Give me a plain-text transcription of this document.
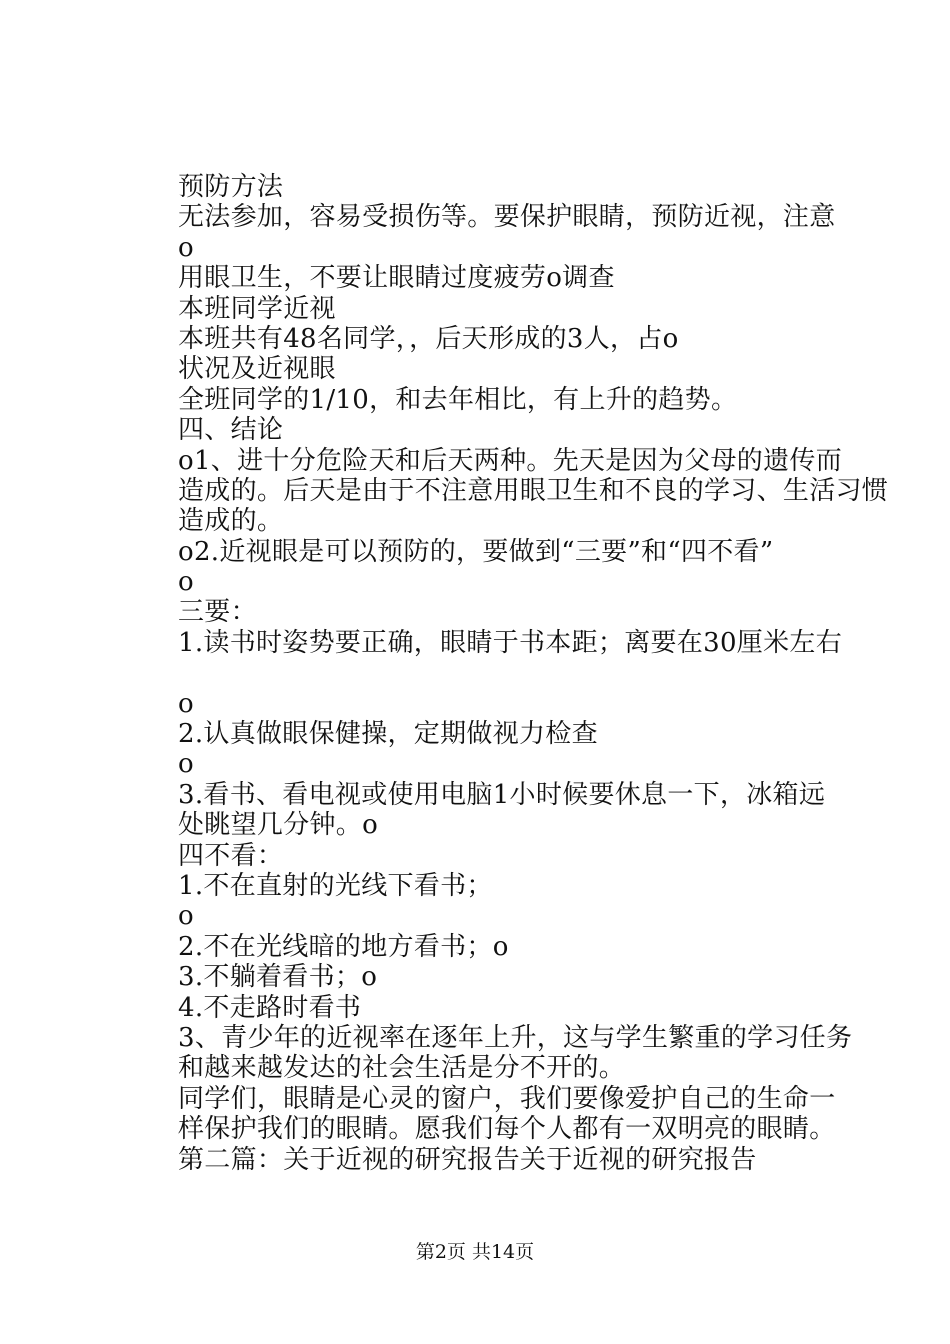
预防方法
无法参加，容易受损伤等。要保护眼睛，预防近视，注意
o
用眼卫生，不要让眼睛过度疲劳o调查
本班同学近视
本班共有48名同学，，后天形成的3人，占o
状况及近视眼
全班同学的1/10，和去年相比，有上升的趋势。
四、结论
o1、进十分危险天和后天两种。先天是因为父母的遗传而
造成的。后天是由于不注意用眼卫生和不良的学习、生活习惯
造成的。
o2.近视眼是可以预防的，要做到“三要”和“四不看”
o
三要：
1.读书时姿势要正确，眼睛于书本距；离要在30厘米左右
o
2.认真做眼保健操，定期做视力检查
o
3.看书、看电视或使用电脑1小时候要休息一下，冰箱远
处眺望几分钟。o
四不看：
1.不在直射的光线下看书；
o
2.不在光线暗的地方看书；o
3.不躺着看书；o
4.不走路时看书
3、青少年的近视率在逐年上升，这与学生繁重的学习任务
和越来越发达的社会生活是分不开的。
同学们，眼睛是心灵的窗户，我们要像爱护自己的生命一
样保护我们的眼睛。愿我们每个人都有一双明亮的眼睛。
第二篇：关于近视的研究报告关于近视的研究报告
第2页 共14页
